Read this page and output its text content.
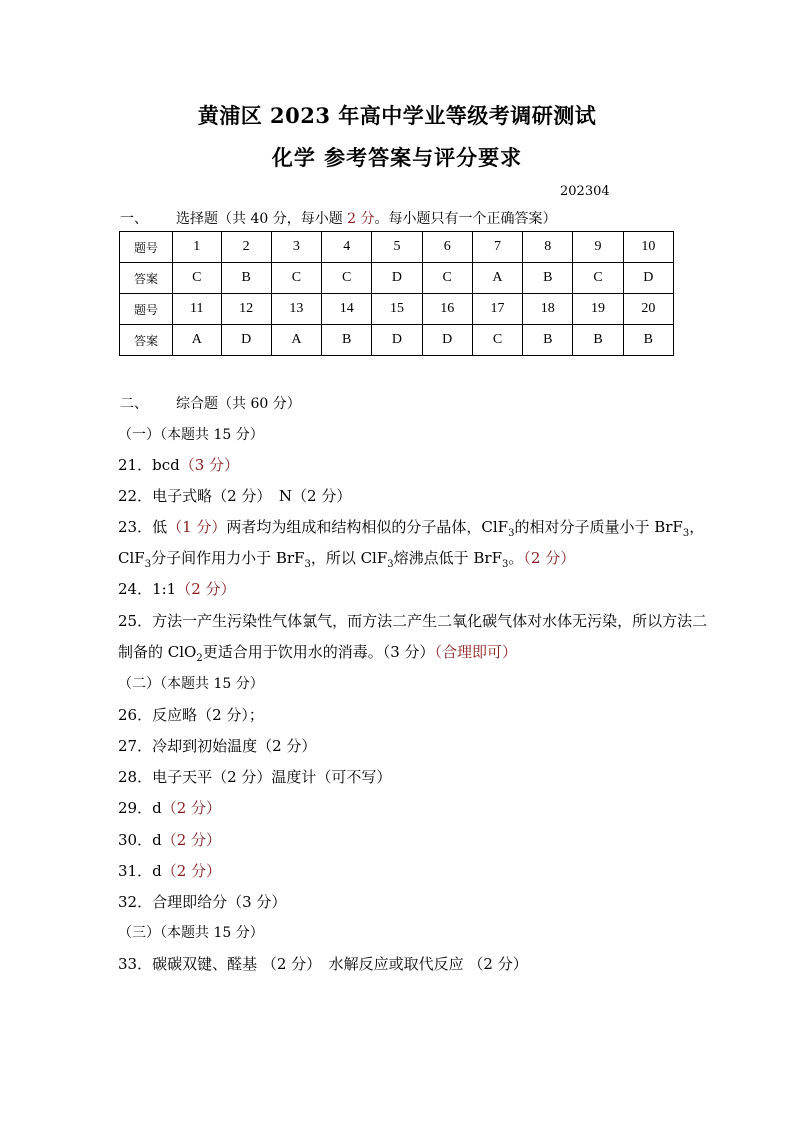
黄浦区 2023 年高中学业等级考调研测试
化学 参考答案与评分要求
202304
一、 选择题（共 40 分，每小题 2 分。每小题只有一个正确答案）
题号	1	2	3	4	5	6	7	8	9	10
答案	C	B	C	C	D	C	A	B	C	D
题号	11	12	13	14	15	16	17	18	19	20
答案	A	D	A	B	D	D	C	B	B	B
二、 综合题（共 60 分）
（一）（本题共 15 分）
21．bcd（3 分）
22．电子式略（2 分）　N（2 分）
23．低（1 分）两者均为组成和结构相似的分子晶体，ClF$_3$的相对分子质量小于 BrF$_3$，
ClF$_3$分子间作用力小于 BrF$_3$，所以 ClF$_3$熔沸点低于 BrF$_3$。（2 分）
24．1:1（2 分）
25．方法一产生污染性气体氯气，而方法二产生二氧化碳气体对水体无污染，所以方法二
制备的 ClO$_2$更适合用于饮用水的消毒。（3 分）（合理即可）
（二）（本题共 15 分）
26．反应略（2 分）；
27．冷却到初始温度（2 分）
28．电子天平（2 分）温度计（可不写）
29．d（2 分）
30．d（2 分）
31．d（2 分）
32．合理即给分（3 分）
（三）（本题共 15 分）
33．碳碳双键、醛基 （2 分）　水解反应或取代反应 （2 分）
